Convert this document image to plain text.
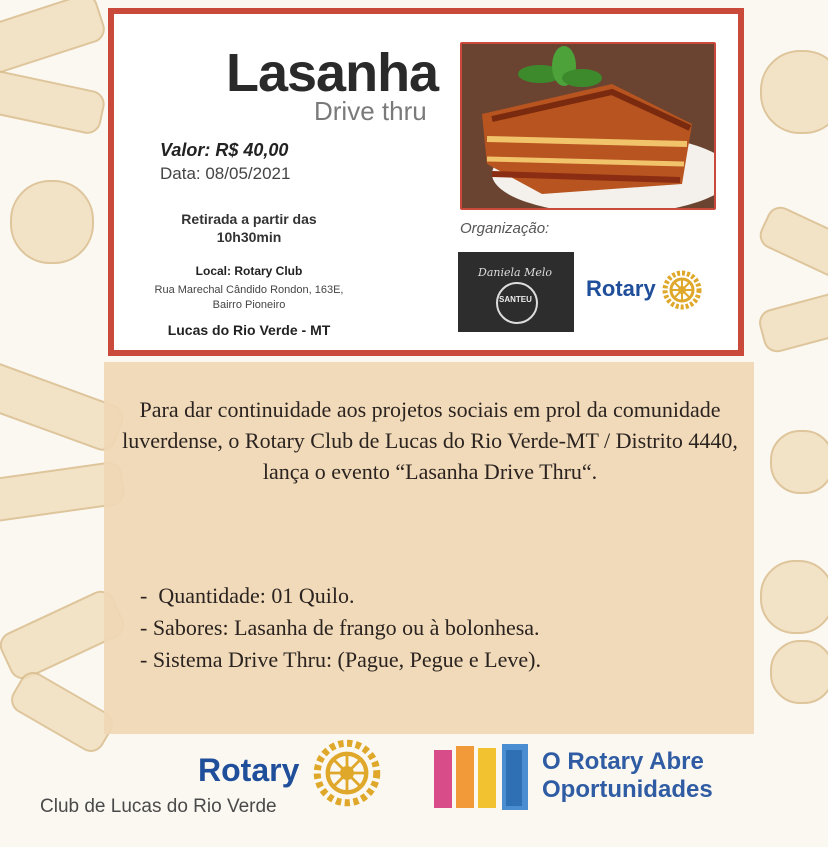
Lasanha
Drive thru
Valor: R$ 40,00
Data: 08/05/2021
Retirada a partir das 10h30min
Local: Rotary Club
Rua Marechal Cândido Rondon, 163E, Bairro Pioneiro
Lucas do Rio Verde - MT
Organização:
Daniela Melo
SANTEU Rotary
Para dar continuidade aos projetos sociais em prol da comunidade luverdense, o Rotary Club de Lucas do Rio Verde-MT / Distrito 4440, lança o evento “Lasanha Drive Thru“.
-  Quantidade: 01 Quilo.
- Sabores: Lasanha de frango ou à bolonhesa.
- Sistema Drive Thru: (Pague, Pegue e Leve).
Rotary
Club de Lucas do Rio Verde
O Rotary Abre
Oportunidades
